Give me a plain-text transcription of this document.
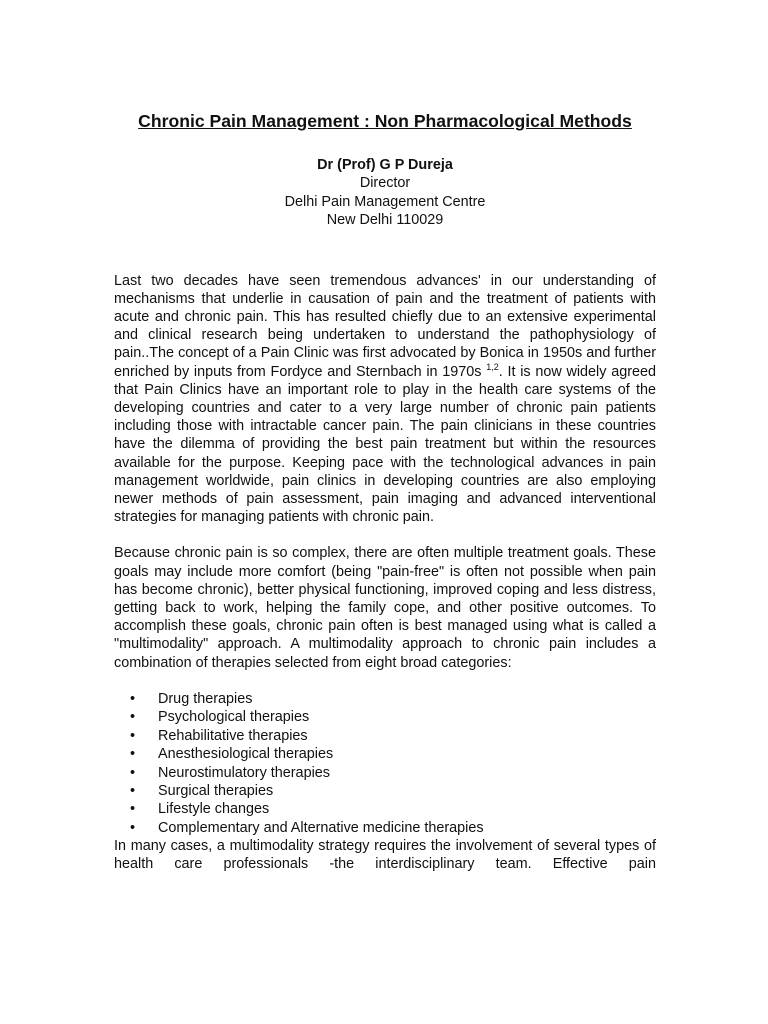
Chronic Pain Management : Non Pharmacological Methods
Dr (Prof) G P Dureja
Director
Delhi Pain Management Centre
New Delhi 110029

Last two decades have seen tremendous advances' in our understanding of mechanisms that underlie in causation of pain and the treatment of patients with acute and chronic pain. This has resulted chiefly due to an extensive experimental and clinical research being undertaken to understand the pathophysiology of pain..The concept of a Pain Clinic was first advocated by Bonica in 1950s and further enriched by inputs from Fordyce and Sternbach in 1970s $^{1,2}$. It is now widely agreed that Pain Clinics have an important role to play in the health care systems of the developing countries and cater to a very large number of chronic pain patients including those with intractable cancer pain. The pain clinicians in these countries have the dilemma of providing the best pain treatment but within the resources available for the purpose. Keeping pace with the technological advances in pain management worldwide, pain clinics in developing countries are also employing newer methods of pain assessment, pain imaging and advanced interventional strategies for managing patients with chronic pain.

Because chronic pain is so complex, there are often multiple treatment goals. These goals may include more comfort (being "pain-free" is often not possible when pain has become chronic), better physical functioning, improved coping and less distress, getting back to work, helping the family cope, and other positive outcomes. To accomplish these goals, chronic pain often is best managed using what is called a "multimodality" approach. A multimodality approach to chronic pain includes a combination of therapies selected from eight broad categories:

• Drug therapies
• Psychological therapies
• Rehabilitative therapies
• Anesthesiological therapies
• Neurostimulatory therapies
• Surgical therapies
• Lifestyle changes
• Complementary and Alternative medicine therapies

In many cases, a multimodality strategy requires the involvement of several types of health care professionals -the interdisciplinary team. Effective pain
